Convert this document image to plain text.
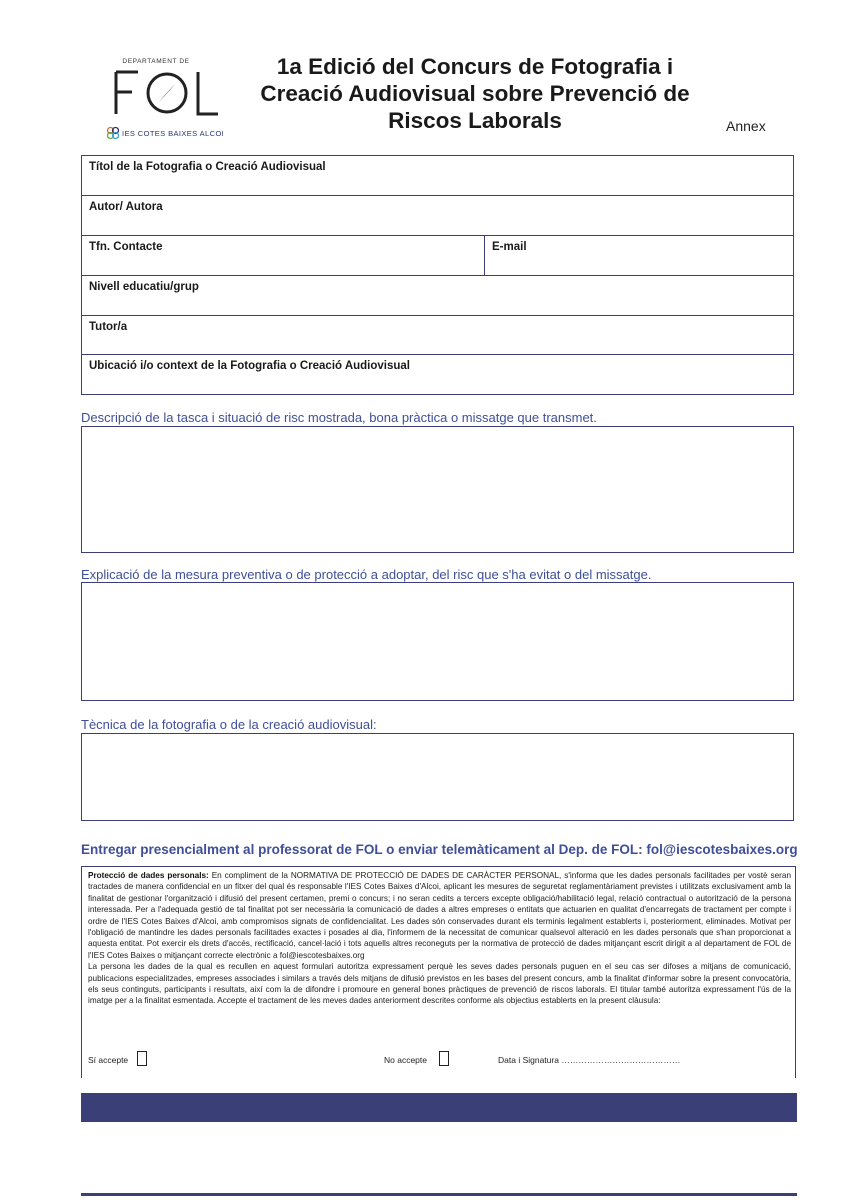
DEPARTAMENT DE
IES COTES BAIXES ALCOI
1a Edició del Concurs de Fotografia i
Creació Audiovisual sobre Prevenció de
Riscos Laborals	Annex
Títol de la Fotografia o Creació Audiovisual
Autor/ Autora
Tfn. Contacte	E-mail
Nivell educatiu/grup
Tutor/a
Ubicació i/o context de la Fotografia o Creació Audiovisual
Descripció de la tasca i situació de risc mostrada, bona pràctica o missatge que transmet.
Explicació de la mesura preventiva o de protecció a adoptar, del risc que s'ha evitat o del missatge.
Tècnica de la fotografia o de la creació audiovisual:
Entregar presencialment al professorat de FOL o enviar telemàticament al Dep. de FOL: fol@iescotesbaixes.org

Protecció de dades personals: En compliment de la NORMATIVA DE PROTECCIÓ DE DADES DE CARÀCTER PERSONAL, s'informa que les dades personals facilitades per vostè seran tractades de manera confidencial en un fitxer del qual és responsable l'IES Cotes Baixes d'Alcoi, aplicant les mesures de seguretat reglamentàriament previstes i utilitzats exclusivament amb la finalitat de gestionar l'organització i difusió del present certamen, premi o concurs; i no seran cedits a tercers excepte obligació/habilitació legal, relació contractual o autorització de la persona interessada. Per a l'adequada gestió de tal finalitat pot ser necessària la comunicació de dades a altres empreses o entitats que actuarien en qualitat d'encarregats de tractament per compte i ordre de l'IES Cotes Baixes d'Alcoi, amb compromisos signats de confidencialitat. Les dades són conservades durant els terminis legalment establerts i, posteriorment, eliminades. Motivat per l'obligació de mantindre les dades personals facilitades exactes i posades al dia, l'informem de la necessitat de comunicar qualsevol alteració en les dades personals que s'han proporcionat a aquesta entitat. Pot exercir els drets d'accés, rectificació, cancel·lació i tots aquells altres reconeguts per la normativa de protecció de dades mitjançant escrit dirigit a al departament de FOL de l'IES Cotes Baixes o mitjançant correcte electrònic a fol@iescotesbaixes.org

La persona les dades de la qual es recullen en aquest formulari autoritza expressament perquè les seves dades personals puguen en el seu cas ser difoses a mitjans de comunicació, publicacions especialitzades, empreses associades i similars a través dels mitjans de difusió previstos en les bases del present concurs, amb la finalitat d'informar sobre la present convocatòria, els seus continguts, participants i resultats, així com la de difondre i promoure en general bones pràctiques de prevenció de riscos laborals. El titular també autoritza expressament l'ús de la imatge per a la finalitat esmentada. Accepte el tractament de les meves dades anteriorment descrites conforme als objectius establerts en la present clàusula:

Sí accepte	No accepte	Data i Signatura ……………………………………
